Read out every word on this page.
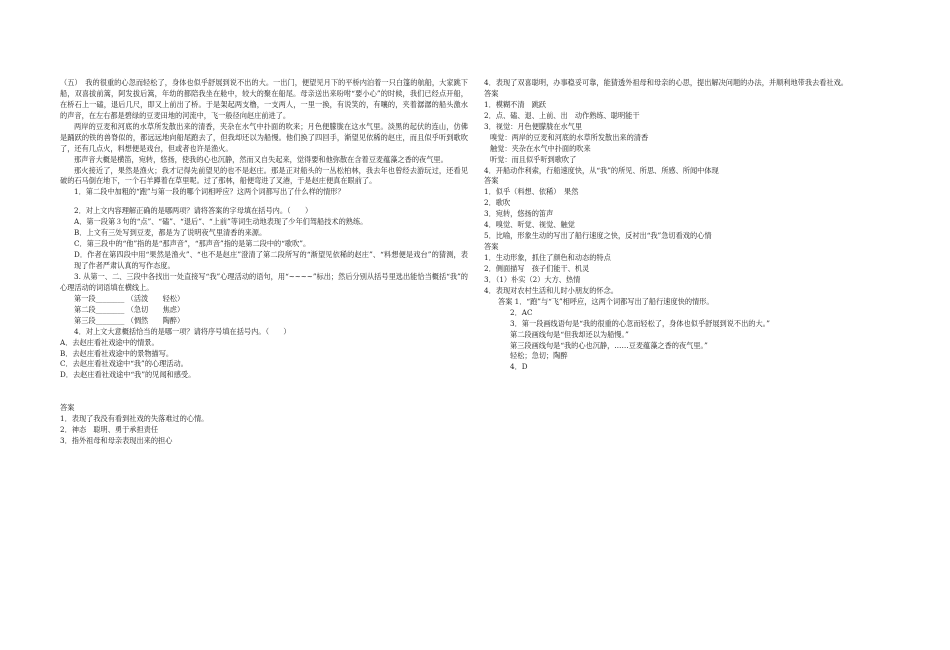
（五）　我的很重的心忽而轻松了，身体也似乎舒展到说不出的大。一出门，便望见月下的平桥内泊着一只白篷的航船，大家跳下船，双喜拔前篙，阿发拔后篙，年幼的都陪我坐在舱中，较大的聚在船尾。母亲送出来吩咐“要小心”的时候，我们已经点开船，在桥石上一磕，退后几尺，即又上前出了桥。于是架起两支橹，一支两人，一里一换，有说笑的，有嚷的，夹着潺潺的船头激水的声音，在左右都是碧绿的豆麦田地的河流中，飞一般径向赵庄前进了。

两岸的豆麦和河底的水草所发散出来的清香，夹杂在水气中扑面的吹来；月色便朦胧在这水气里。淡黑的起伏的连山，仿佛是踊跃的铁的兽脊似的，都远远地向船尾跑去了，但我却还以为船慢。他们换了四回手，渐望见依稀的赵庄，而且似乎听到歌吹了，还有几点火，料想便是戏台，但或者也许是渔火。

那声音大概是横笛，宛转，悠扬，使我的心也沉静，然而又自失起来，觉得要和他弥散在含着豆麦蕴藻之香的夜气里。

那火接近了，果然是渔火；我才记得先前望见的也不是赵庄。那是正对船头的一丛松柏林，我去年也曾经去游玩过，还看见破的石马倒在地下，一个石羊蹲着在草里呢。过了那林，船便弯进了叉港，于是赵庄便真在眼前了。

1．第二段中加粗的“跑”与第一段的哪个词相呼应？这两个词都写出了什么样的情形？

2．对上文内容理解正确的是哪两项？请将答案的字母填在括号内。（　　）

A．第一段第３句的“点”、“磕”、“退后”、“上前”等词生动地表现了少年们驾船技术的熟练。

B．上文有三处写到豆麦，都是为了说明夜气里清香的来源。

C．第三段中的“他”指的是“那声音”，“那声音”指的是第二段中的“歌吹”。

D．作者在第四段中用“果然是渔火”、“也不是赵庄”澄清了第二段所写的“渐望见依稀的赵庄”、“料想便是戏台”的猜测，表现了作者严肃认真的写作态度。

3. 从第一、二、三段中各找出一处直接写“我”心理活动的语句，用“~~~~”标出；然后分别从括号里选出能恰当概括“我”的心理活动的词语填在横线上。

第一段________ （活泼　　轻松）
第二段________ （急切　　焦虑）
第三段________ （惆然　　陶醉）

4．对上文大意概括恰当的是哪一项？请将序号填在括号内。（　　）

A．去赵庄看社戏途中的情景。

B．去赵庄看社戏途中的景物描写。

C．去赵庄看社戏途中“我”的心理活动。

D．去赵庄看社戏途中“我”的见闻和感受。

答案

1．表现了我没有看到社戏的失落难过的心情。

2．神态　聪明、勇于承担责任

3．指外祖母和母亲表现出来的担心

4．表现了双喜聪明，办事稳妥可靠，能猜透外祖母和母亲的心思，提出解决问题的办法，并顺利地带我去看社戏。

答案

1．模糊不清　跳跃

2．点、磕、退、上前、出　动作熟练、聪明能干

3．视觉：月色便朦胧在水气里

嗅觉：两岸的豆麦和河底的水草所发散出来的清香

触觉：夹杂在水气中扑面的吹来

听觉：而且似乎听到歌吹了

4．开船动作利索，行船速度快，从“我”的所见、所思、所感、所闻中体现

答案

1．似乎（料想、依稀）　果然

2．歌吹

3．宛转，悠扬的笛声

4．嗅觉、听觉、视觉、触觉

5．比喻，形象生动的写出了船行速度之快，反衬出“我”急切看戏的心情

答案

1．生动形象，抓住了颜色和动态的特点

2．侧面描写　孩子们能干、机灵

3．（1）朴实（2）大方、热情

4．表现对农村生活和儿时小朋友的怀念。

答案 1．“跑”与“飞”相呼应，这两个词都写出了船行速度快的情形。

2．AC

3．第一段画线语句是“我的很重的心忽而轻松了，身体也似乎舒展到说不出的大。”

第二段画线句是“但我却还以为船慢。”

第三段画线句是“我的心也沉静，……豆麦蕴藻之香的夜气里。”

轻松；急切；陶醉

4．D
